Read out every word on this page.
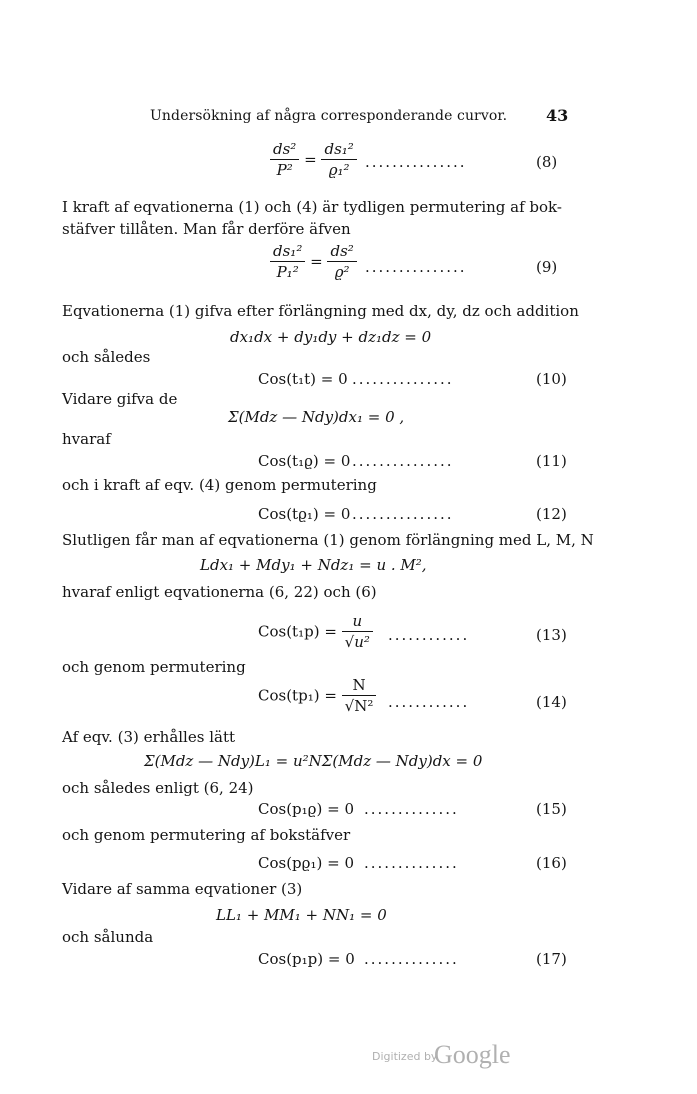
Undersökning af några corresponderande curvor. 43
$\frac{\text{ds²}}{\text{P²}} = \frac{\text{ds₁²}}{\text{ϱ₁²}}$ ...............	(8)
I kraft af eqvationerna (1) och (4) är tydligen permutering af bok-
stäfver tillåten. Man får derföre äfven
$\frac{\text{ds₁²}}{\text{P₁²}} = \frac{\text{ds²}}{\text{ϱ²}}$ ...............	(9)
Eqvationerna (1) gifva efter förlängning med dx, dy, dz och addition
dx₁dx + dy₁dy + dz₁dz = 0
och således
Cos(t₁t) = 0 ...............	(10)
Vidare gifva de
Σ(Mdz — Ndy)dx₁ = 0 ,
hvaraf
Cos(t₁ϱ) = 0 ...............	(11)
och i kraft af eqv. (4) genom permutering
Cos(tϱ₁) = 0 ...............	(12)
Slutligen får man af eqvationerna (1) genom förlängning med L, M, N
Ldx₁ + Mdy₁ + Ndz₁ = u . M²,
hvaraf enligt eqvationerna (6, 22) och (6)
$Cos(t_1p) = \frac{u}{\text{√u²}}$ ............	(13)
och genom permutering
$Cos(tp_1) = \frac{N}{\text{√N²}}$ ............	(14)
Af eqv. (3) erhålles lätt
Σ(Mdz — Ndy)L₁ = u²NΣ(Mdz — Ndy)dx = 0
och således enligt (6, 24)
Cos(p₁ϱ) = 0 ..............	(15)
och genom permutering af bokstäfver
Cos(pϱ₁) = 0 ..............	(16)
Vidare af samma eqvationer (3)
LL₁ + MM₁ + NN₁ = 0
och sålunda
Cos(p₁p) = 0 ..............	(17)
Digitized by
Google
